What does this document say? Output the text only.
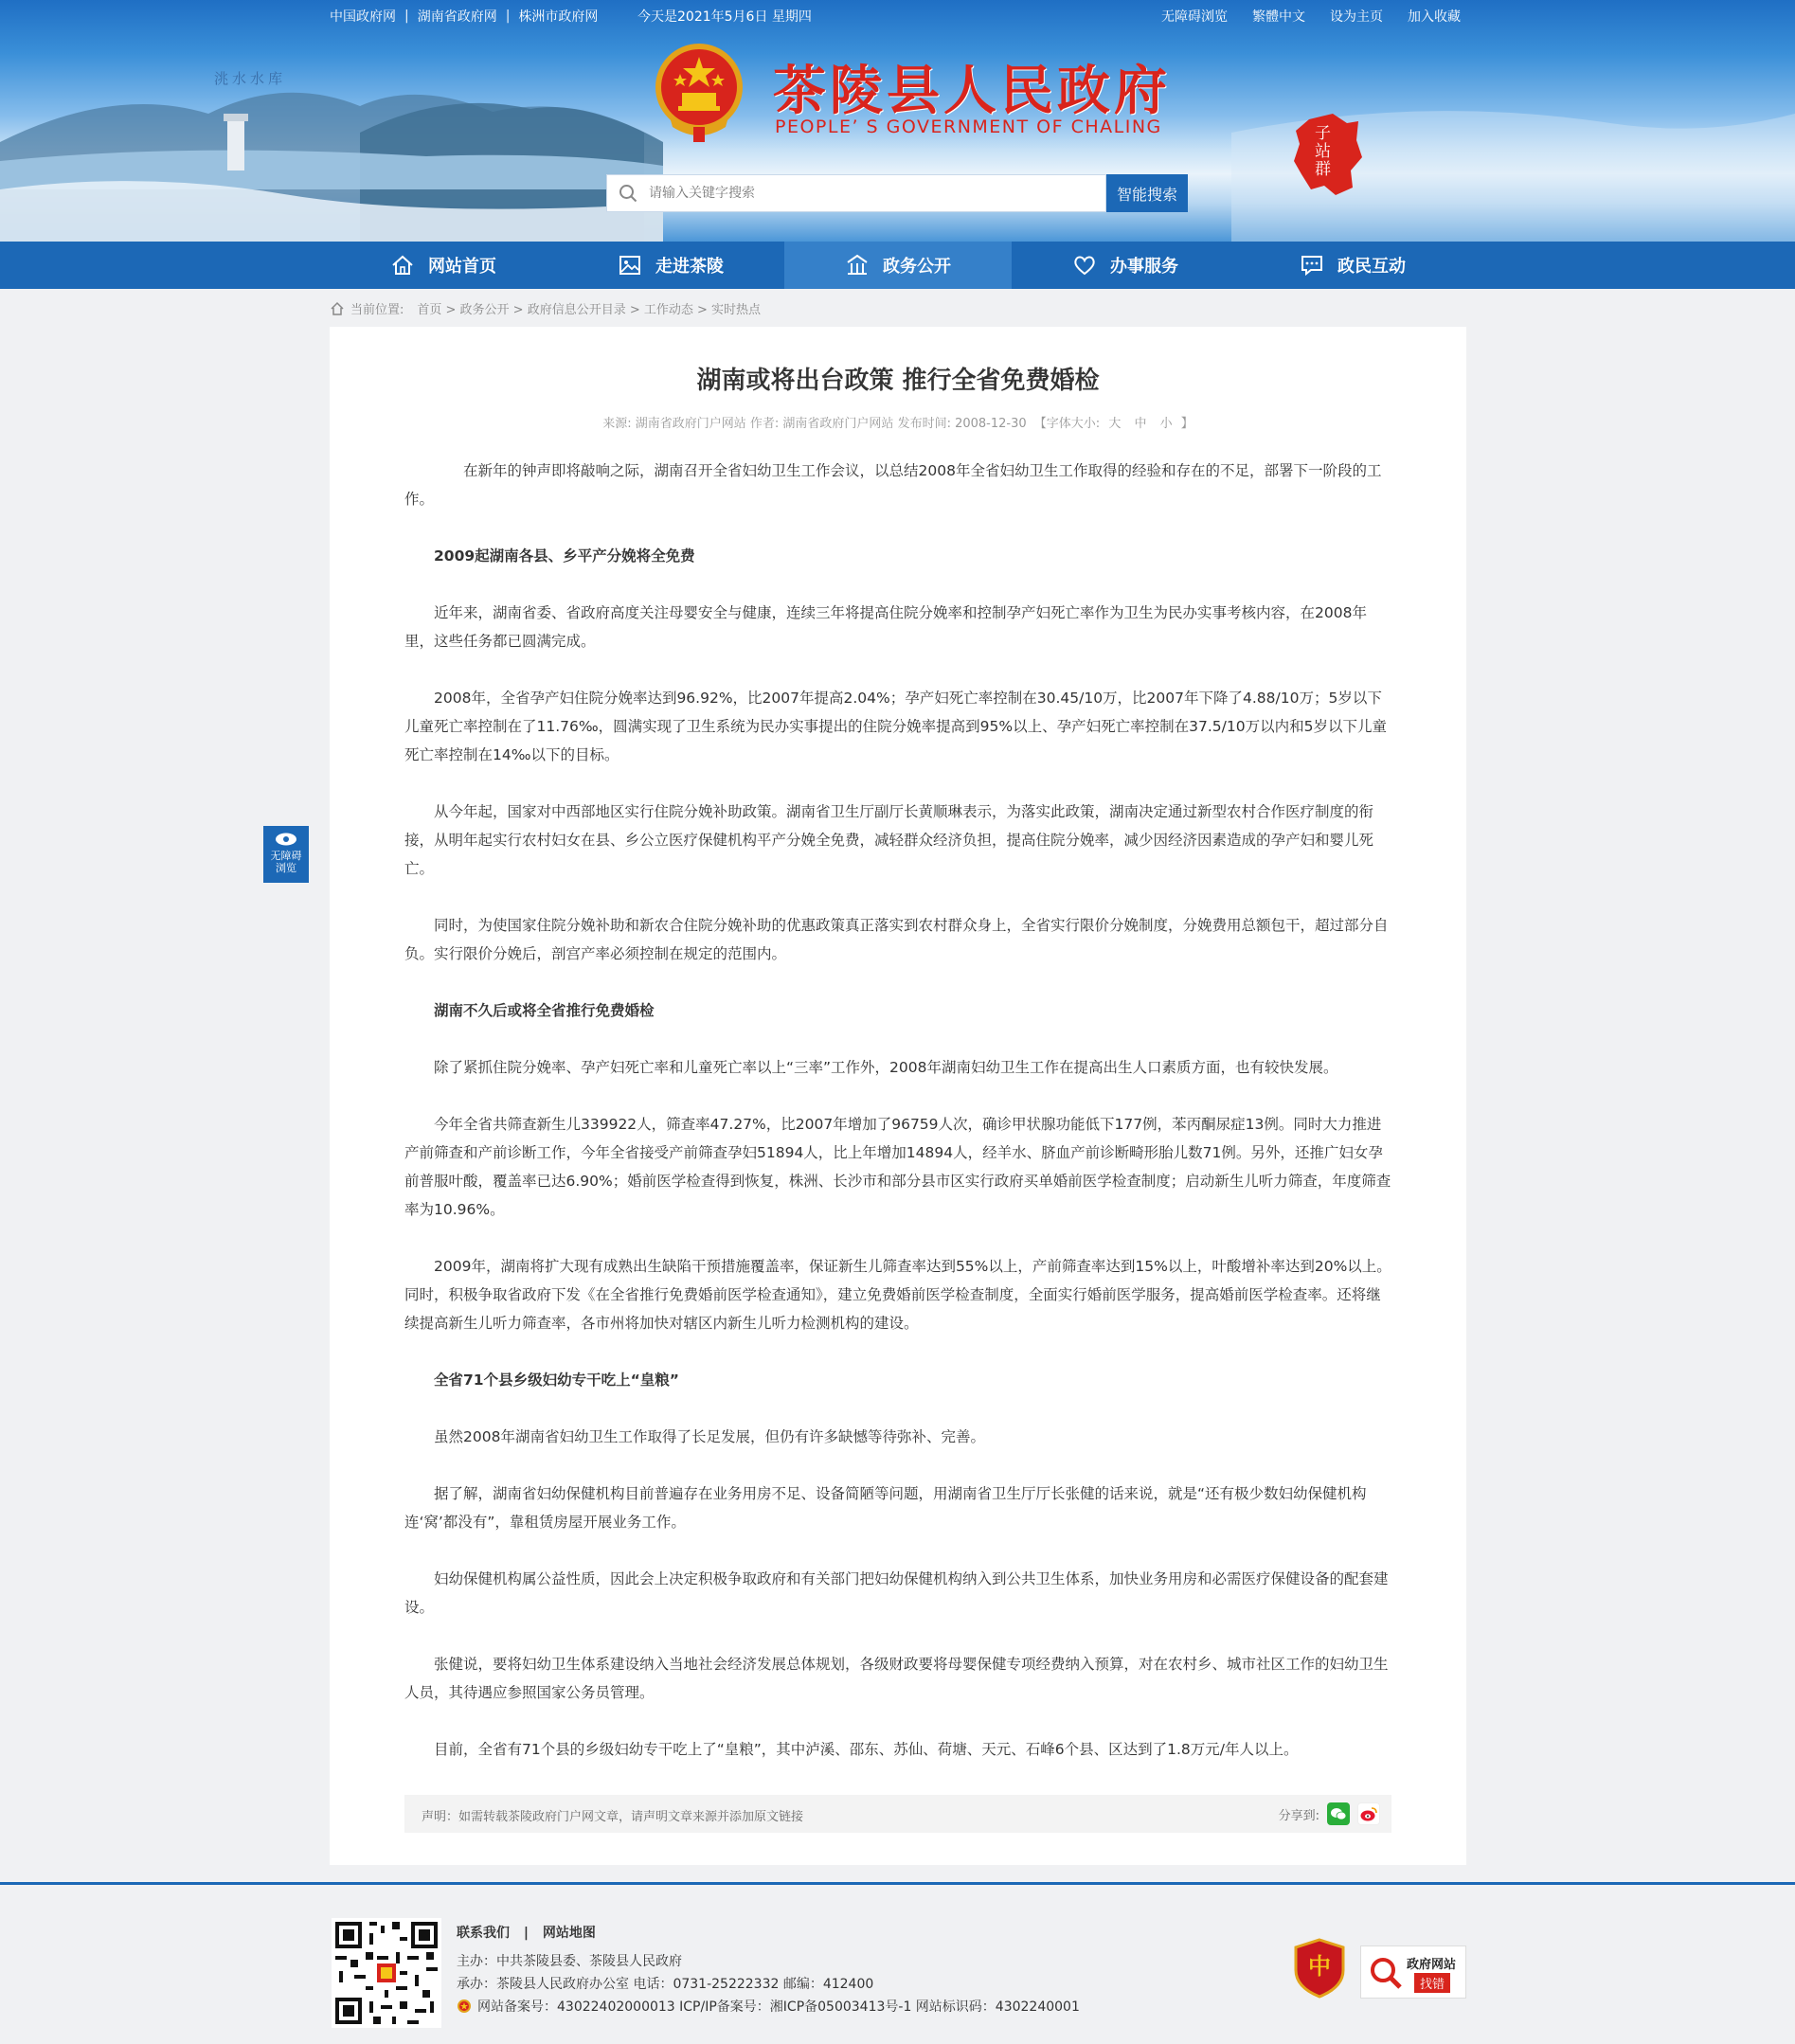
中国政府网 | 湖南省政府网 | 株洲市政府网	今天是2021年5月6日 星期四	无障碍浏览 繁體中文 设为主页 加入收藏
洮水水库	茶陵县人民政府
PEOPLE’ S GOVERNMENT OF CHALING	子
站
群
请输入关键字搜索
智能搜索
网站首页	走进茶陵	政务公开	办事服务	政民互动
当前位置: 首页 > 政务公开 > 政府信息公开目录 > 工作动态 > 实时热点
无障碍
浏览
湖南或将出台政策 推行全省免费婚检
来源: 湖南省政府门户网站 作者: 湖南省政府门户网站 发布时间: 2008-12-30 【字体大小: 大 中 小 】

在新年的钟声即将敲响之际，湖南召开全省妇幼卫生工作会议，以总结2008年全省妇幼卫生工作取得的经验和存在的不足，部署下一阶段的工作。

2009起湖南各县、乡平产分娩将全免费

近年来，湖南省委、省政府高度关注母婴安全与健康，连续三年将提高住院分娩率和控制孕产妇死亡率作为卫生为民办实事考核内容，在2008年里，这些任务都已圆满完成。

2008年，全省孕产妇住院分娩率达到96.92%，比2007年提高2.04%；孕产妇死亡率控制在30.45/10万，比2007年下降了4.88/10万；5岁以下儿童死亡率控制在了11.76‰，圆满实现了卫生系统为民办实事提出的住院分娩率提高到95%以上、孕产妇死亡率控制在37.5/10万以内和5岁以下儿童死亡率控制在14‰以下的目标。

从今年起，国家对中西部地区实行住院分娩补助政策。湖南省卫生厅副厅长黄顺琳表示，为落实此政策，湖南决定通过新型农村合作医疗制度的衔接，从明年起实行农村妇女在县、乡公立医疗保健机构平产分娩全免费，减轻群众经济负担，提高住院分娩率，减少因经济因素造成的孕产妇和婴儿死亡。

同时，为使国家住院分娩补助和新农合住院分娩补助的优惠政策真正落实到农村群众身上，全省实行限价分娩制度，分娩费用总额包干，超过部分自负。实行限价分娩后，剖宫产率必须控制在规定的范围内。

湖南不久后或将全省推行免费婚检

除了紧抓住院分娩率、孕产妇死亡率和儿童死亡率以上“三率”工作外，2008年湖南妇幼卫生工作在提高出生人口素质方面，也有较快发展。

今年全省共筛查新生儿339922人，筛查率47.27%，比2007年增加了96759人次，确诊甲状腺功能低下177例，苯丙酮尿症13例。同时大力推进产前筛查和产前诊断工作，今年全省接受产前筛查孕妇51894人，比上年增加14894人，经羊水、脐血产前诊断畸形胎儿数71例。另外，还推广妇女孕前普服叶酸，覆盖率已达6.90%；婚前医学检查得到恢复，株洲、长沙市和部分县市区实行政府买单婚前医学检查制度；启动新生儿听力筛查，年度筛查率为10.96%。

2009年，湖南将扩大现有成熟出生缺陷干预措施覆盖率，保证新生儿筛查率达到55%以上，产前筛查率达到15%以上，叶酸增补率达到20%以上。同时，积极争取省政府下发《在全省推行免费婚前医学检查通知》，建立免费婚前医学检查制度，全面实行婚前医学服务，提高婚前医学检查率。还将继续提高新生儿听力筛查率，各市州将加快对辖区内新生儿听力检测机构的建设。

全省71个县乡级妇幼专干吃上“皇粮”

虽然2008年湖南省妇幼卫生工作取得了长足发展，但仍有许多缺憾等待弥补、完善。

据了解，湖南省妇幼保健机构目前普遍存在业务用房不足、设备简陋等问题，用湖南省卫生厅厅长张健的话来说，就是“还有极少数妇幼保健机构连‘窝’都没有”，靠租赁房屋开展业务工作。

妇幼保健机构属公益性质，因此会上决定积极争取政府和有关部门把妇幼保健机构纳入到公共卫生体系，加快业务用房和必需医疗保健设备的配套建设。

张健说，要将妇幼卫生体系建设纳入当地社会经济发展总体规划，各级财政要将母婴保健专项经费纳入预算，对在农村乡、城市社区工作的妇幼卫生人员，其待遇应参照国家公务员管理。

目前，全省有71个县的乡级妇幼专干吃上了“皇粮”，其中泸溪、邵东、苏仙、荷塘、天元、石峰6个县、区达到了1.8万元/年人以上。

声明：如需转载茶陵政府门户网文章，请声明文章来源并添加原文链接	分享到:
联系我们 | 网站地图
主办：中共茶陵县委、茶陵县人民政府
承办：茶陵县人民政府办公室 电话：0731-25222332 邮编：412400
网站备案号：43022402000013 ICP/IP备案号：湘ICP备05003413号-1 网站标识码：4302240001
中	政府网站
找错
